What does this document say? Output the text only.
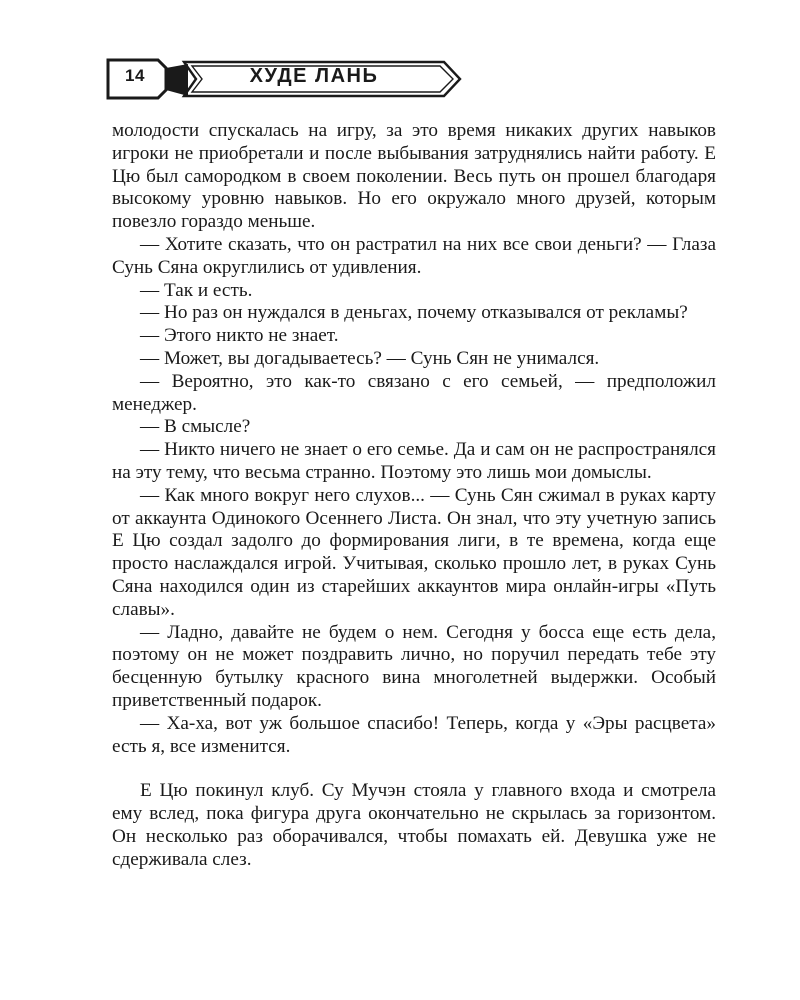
14	ХУДЕ ЛАНЬ

молодости спускалась на игру, за это время никаких других навыков игроки не приобретали и после выбывания затруднялись найти работу. Е Цю был самородком в своем поколении. Весь путь он прошел благодаря высокому уровню навыков. Но его окружало много друзей, которым повезло гораздо меньше.

— Хотите сказать, что он растратил на них все свои деньги? — Глаза Сунь Сяна округлились от удивления.

— Так и есть.

— Но раз он нуждался в деньгах, почему отказывался от рекламы?

— Этого никто не знает.

— Может, вы догадываетесь? — Сунь Сян не унимался.

— Вероятно, это как-то связано с его семьей, — предположил менеджер.

— В смысле?

— Никто ничего не знает о его семье. Да и сам он не распространялся на эту тему, что весьма странно. Поэтому это лишь мои домыслы.

— Как много вокруг него слухов... — Сунь Сян сжимал в руках карту от аккаунта Одинокого Осеннего Листа. Он знал, что эту учетную запись Е Цю создал задолго до формирования лиги, в те времена, когда еще просто наслаждался игрой. Учитывая, сколько прошло лет, в руках Сунь Сяна находился один из старейших аккаунтов мира онлайн-игры «Путь славы».

— Ладно, давайте не будем о нем. Сегодня у босса еще есть дела, поэтому он не может поздравить лично, но поручил передать тебе эту бесценную бутылку красного вина многолетней выдержки. Особый приветственный подарок.

— Ха-ха, вот уж большое спасибо! Теперь, когда у «Эры расцвета» есть я, все изменится.

Е Цю покинул клуб. Су Мучэн стояла у главного входа и смотрела ему вслед, пока фигура друга окончательно не скрылась за горизонтом. Он несколько раз оборачивался, чтобы помахать ей. Девушка уже не сдерживала слез.
